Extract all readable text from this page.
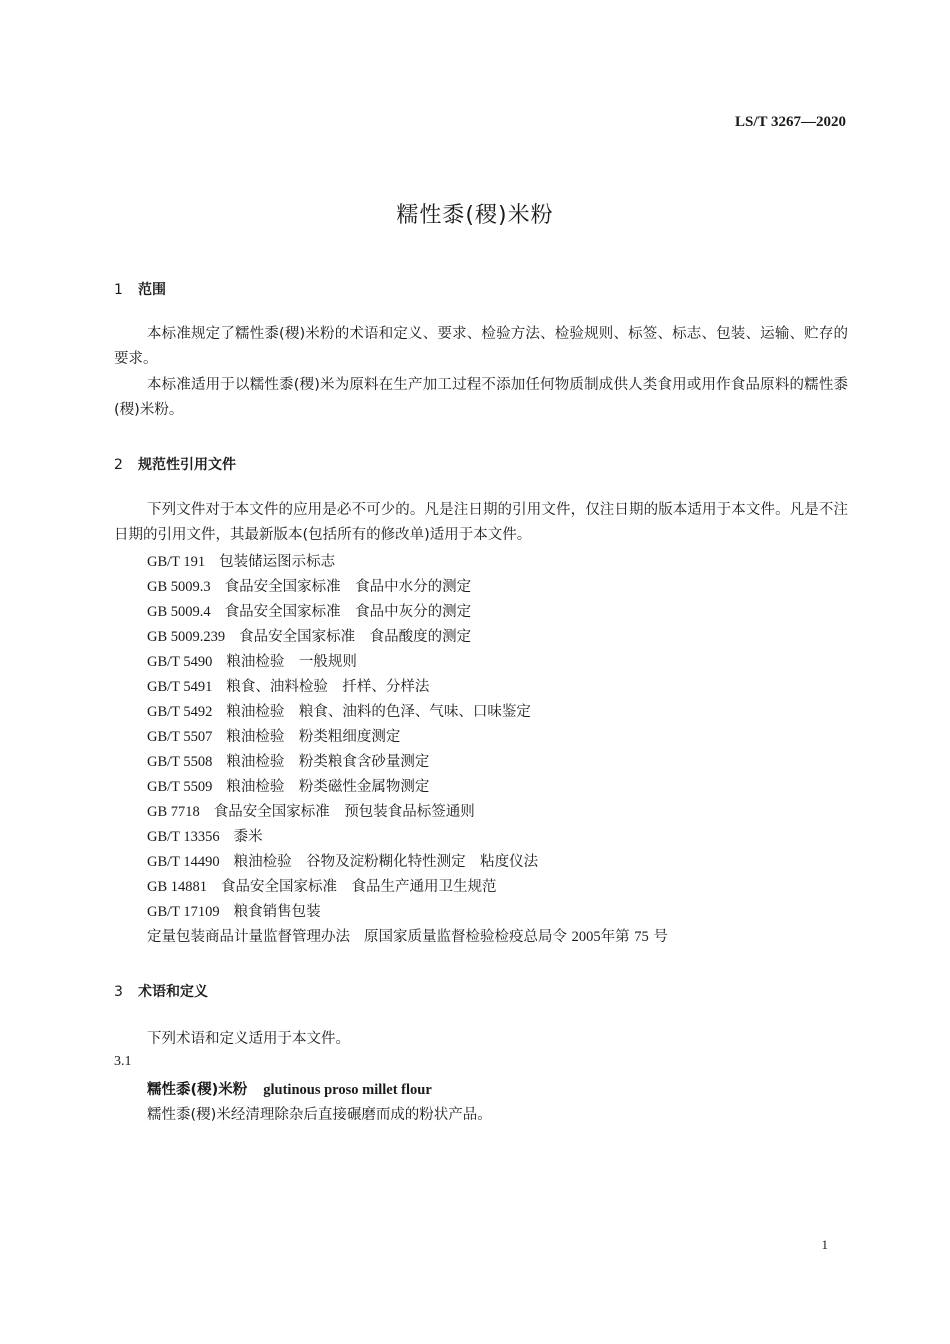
LS/T 3267—2020
糯性黍(稷)米粉
1 范围

本标准规定了糯性黍(稷)米粉的术语和定义、要求、检验方法、检验规则、标签、标志、包装、运输、贮存的要求。

本标准适用于以糯性黍(稷)米为原料在生产加工过程不添加任何物质制成供人类食用或用作食品原料的糯性黍(稷)米粉。

2 规范性引用文件

下列文件对于本文件的应用是必不可少的。凡是注日期的引用文件，仅注日期的版本适用于本文件。凡是不注日期的引用文件，其最新版本(包括所有的修改单)适用于本文件。

GB/T 191 包装储运图示标志
GB 5009.3 食品安全国家标准　食品中水分的测定
GB 5009.4 食品安全国家标准　食品中灰分的测定
GB 5009.239 食品安全国家标准　食品酸度的测定
GB/T 5490 粮油检验　一般规则
GB/T 5491 粮食、油料检验　扦样、分样法
GB/T 5492 粮油检验　粮食、油料的色泽、气味、口味鉴定
GB/T 5507 粮油检验　粉类粗细度测定
GB/T 5508 粮油检验　粉类粮食含砂量测定
GB/T 5509 粮油检验　粉类磁性金属物测定
GB 7718 食品安全国家标准　预包装食品标签通则
GB/T 13356 黍米
GB/T 14490 粮油检验　谷物及淀粉糊化特性测定　粘度仪法
GB 14881 食品安全国家标准　食品生产通用卫生规范
GB/T 17109 粮食销售包装
定量包装商品计量监督管理办法 原国家质量监督检验检疫总局令 2005年第 75 号
3 术语和定义
下列术语和定义适用于本文件。
3.1
糯性黍(稷)米粉 glutinous proso millet flour
糯性黍(稷)米经清理除杂后直接碾磨而成的粉状产品。
1
